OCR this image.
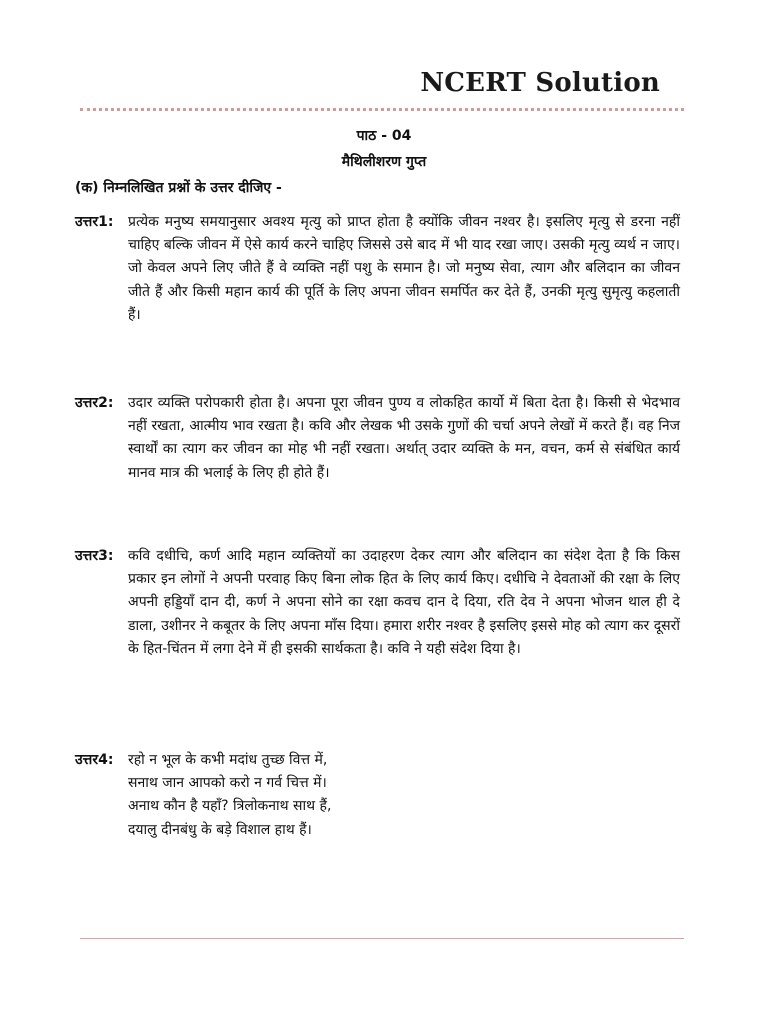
NCERT Solution
पाठ - 04
मैथिलीशरण गुप्त
(क) निम्नलिखित प्रश्नों के उत्तर दीजिए -
उत्तर1: प्रत्येक मनुष्य समयानुसार अवश्य मृत्यु को प्राप्त होता है क्योंकि जीवन नश्वर है। इसलिए मृत्यु से डरना नहीं चाहिए बल्कि जीवन में ऐसे कार्य करने चाहिए जिससे उसे बाद में भी याद रखा जाए। उसकी मृत्यु व्यर्थ न जाए। जो केवल अपने लिए जीते हैं वे व्यक्ति नहीं पशु के समान है। जो मनुष्य सेवा, त्याग और बलिदान का जीवन जीते हैं और किसी महान कार्य की पूर्ति के लिए अपना जीवन समर्पित कर देते हैं, उनकी मृत्यु सुमृत्यु कहलाती हैं।
उत्तर2: उदार व्यक्ति परोपकारी होता है। अपना पूरा जीवन पुण्य व लोकहित कार्यो में बिता देता है। किसी से भेदभाव नहीं रखता, आत्मीय भाव रखता है। कवि और लेखक भी उसके गुणों की चर्चा अपने लेखों में करते हैं। वह निज स्वार्थों का त्याग कर जीवन का मोह भी नहीं रखता। अर्थात् उदार व्यक्ति के मन, वचन, कर्म से संबंधित कार्य मानव मात्र की भलाई के लिए ही होते हैं।
उत्तर3: कवि दधीचि, कर्ण आदि महान व्यक्तियों का उदाहरण देकर त्याग और बलिदान का संदेश देता है कि किस प्रकार इन लोगों ने अपनी परवाह किए बिना लोक हित के लिए कार्य किए। दधीचि ने देवताओं की रक्षा के लिए अपनी हड्डियाँ दान दी, कर्ण ने अपना सोने का रक्षा कवच दान दे दिया, रति देव ने अपना भोजन थाल ही दे डाला, उशीनर ने कबूतर के लिए अपना माँस दिया। हमारा शरीर नश्वर है इसलिए इससे मोह को त्याग कर दूसरों के हित-चिंतन में लगा देने में ही इसकी सार्थकता है। कवि ने यही संदेश दिया है।
उत्तर4: रहो न भूल के कभी मदांध तुच्छ वित्त में,
सनाथ जान आपको करो न गर्व चित्त में।
अनाथ कौन है यहाँ? त्रिलोकनाथ साथ हैं,
दयालु दीनबंधु के बड़े विशाल हाथ हैं।
